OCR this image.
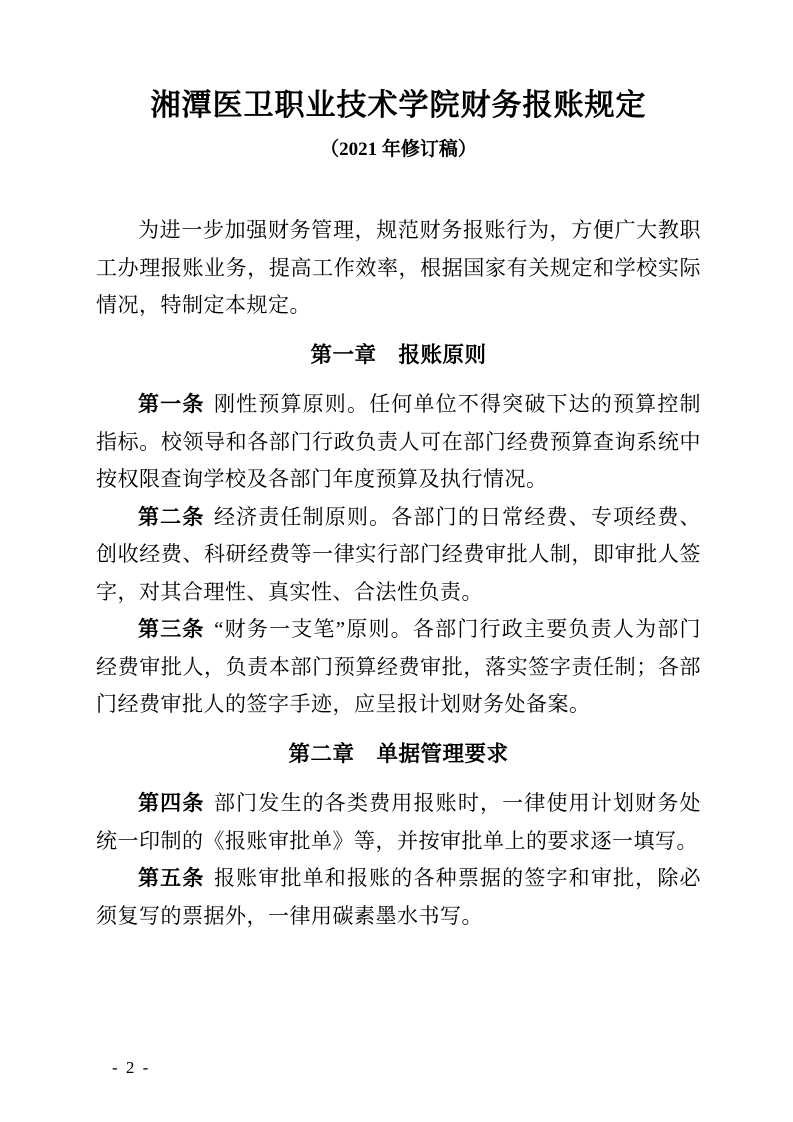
湘潭医卫职业技术学院财务报账规定
（2021 年修订稿）

为进一步加强财务管理，规范财务报账行为，方便广大教职工办理报账业务，提高工作效率，根据国家有关规定和学校实际情况，特制定本规定。

第一章　报账原则

第一条 刚性预算原则。任何单位不得突破下达的预算控制指标。校领导和各部门行政负责人可在部门经费预算查询系统中按权限查询学校及各部门年度预算及执行情况。

第二条 经济责任制原则。各部门的日常经费、专项经费、创收经费、科研经费等一律实行部门经费审批人制，即审批人签字，对其合理性、真实性、合法性负责。

第三条 “财务一支笔”原则。各部门行政主要负责人为部门经费审批人，负责本部门预算经费审批，落实签字责任制；各部门经费审批人的签字手迹，应呈报计划财务处备案。

第二章　单据管理要求

第四条 部门发生的各类费用报账时，一律使用计划财务处统一印制的《报账审批单》等，并按审批单上的要求逐一填写。

第五条 报账审批单和报账的各种票据的签字和审批，除必须复写的票据外，一律用碳素墨水书写。

- 2 -
